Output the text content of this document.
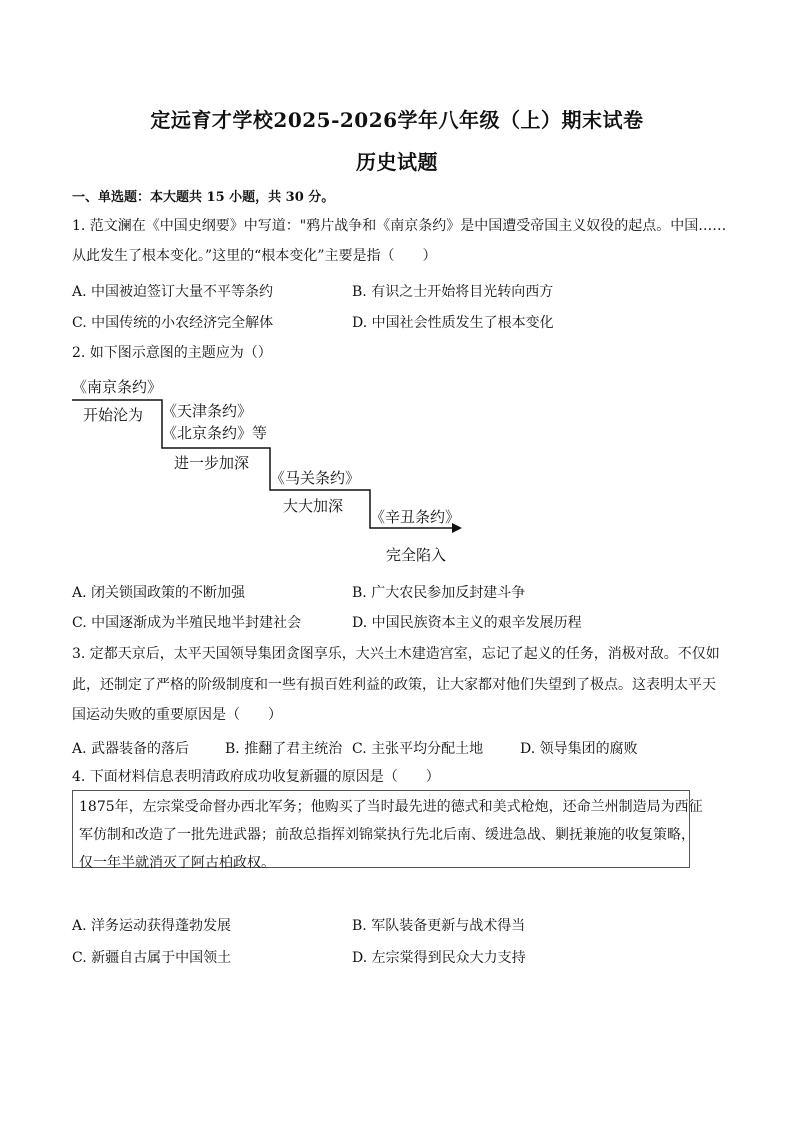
定远育才学校2025-2026学年八年级（上）期末试卷
历史试题
一、单选题：本大题共 15 小题，共 30 分。
1. 范文澜在《中国史纲要》中写道："鸦片战争和《南京条约》是中国遭受帝国主义奴役的起点。中国……
从此发生了根本变化。”这里的“根本变化”主要是指（　　）
A. 中国被迫签订大量不平等条约	B. 有识之士开始将目光转向西方
C. 中国传统的小农经济完全解体	D. 中国社会性质发生了根本变化
2. 如下图示意图的主题应为（）
《南京条约》
开始沦为 《天津条约》
《北京条约》等
进一步加深
《马关条约》
大大加深
《辛丑条约》
完全陷入
A. 闭关锁国政策的不断加强	B. 广大农民参加反封建斗争
C. 中国逐渐成为半殖民地半封建社会	D. 中国民族资本主义的艰辛发展历程
3. 定都天京后，太平天国领导集团贪图享乐，大兴土木建造宫室，忘记了起义的任务，消极对敌。不仅如
此，还制定了严格的阶级制度和一些有损百姓利益的政策，让大家都对他们失望到了极点。这表明太平天
国运动失败的重要原因是（　　）
A. 武器装备的落后	B. 推翻了君主统治 C. 主张平均分配土地	D. 领导集团的腐败
4. 下面材料信息表明清政府成功收复新疆的原因是（　　）
1875年，左宗棠受命督办西北军务；他购买了当时最先进的德式和美式枪炮，还命兰州制造局为西征
军仿制和改造了一批先进武器；前敌总指挥刘锦棠执行先北后南、缓进急战、剿抚兼施的收复策略，
仅一年半就消灭了阿古柏政权。
A. 洋务运动获得蓬勃发展	B. 军队装备更新与战术得当
C. 新疆自古属于中国领土	D. 左宗棠得到民众大力支持
